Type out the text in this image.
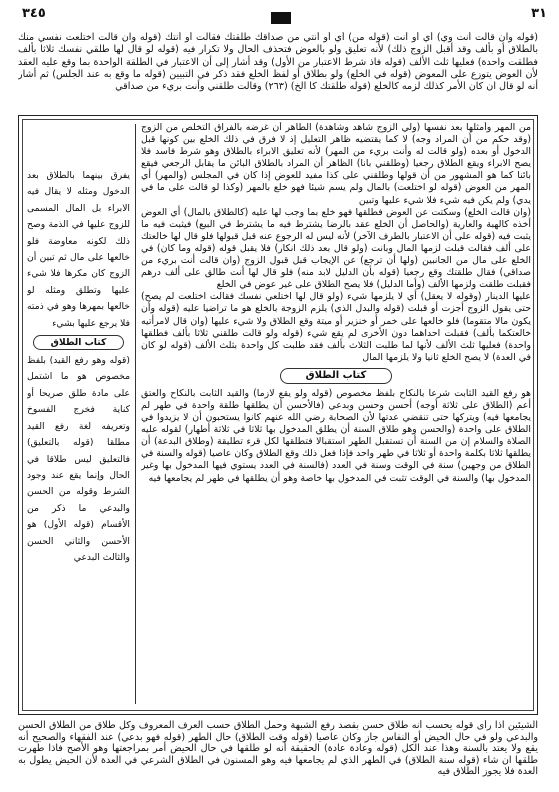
٣١
٣٤٥

(قوله وان قالت أنت وي) أي أو أنت (قوله من) أي أو أنتي من صداقك طلقتك فقالت أو أنتك (قوله وان قالت اختلعت نفسي منك بالطلاق أو بألف وقد أقبل الزوج ذلك) لأنه تعليق ولو بالعوض فتحذف الحال ولا تكرار فيه (قوله لو قال لها طلقي نفسك ثلاثا بألف فطلقت واحدة) فعليها ثلث الألف (قوله فاذ شرط الاعتبار من الأول) وقد أشار إلى أن الاعتبار في الطلقة الواحدة بما وقع عليه العقد لأن العوض يتوزع على المعوض (قوله في الخلع) ولو بطلاق أو لفظ الخلع فقد ذكر في التبيين (قوله ما وقع به عند الجلس) ثم أشار أنه لو قال ان كان الأمر كذلك لزمه كالخلع (قوله طلقتك كا الخ) (٢٦٣) وقالت طلقني وأنت بريء من صداقي

من المهر وأمثلها بعد نفسها (ولي الزوج شاهد وشاهدة) الطاهر أن غرضه بالفراق التخلص من الزوج (وقد حكم من أن المراد وجه) لا كما يقتضيه ظاهر التعليل إذ لا فرق في ذلك الخلع بين كونها قبل الدخول أو بعده (ولو قالت له وأنت بريء من المهر) لأنه تعليق الابراء بالطلاق وهو شرط فاسد فلا يصح الابراء ويقع الطلاق رجعيا (وطلقني بانا) الظاهر أن المراد بالطلاق البائن ما يقابل الرجعي فيقع بائنا كما هو المشهور من أن قولها وطلقني على كذا مفيد للعوض إذا كان في المجلس (والمهر) أي المهر من العوض (قوله لو اختلعت) بالمال ولم يسم شيئا فهو خلع بالمهر (وكذا لو قالت على ما في يدي) ولم يكن فيه شيء فلا شيء عليها وتبين

(وان قالت الخلع) وسكتت عن العوض فطلقها فهو خلع بما وجب لها عليه (كالطلاق بالمال) أي العوض أخذه كالهبة والعارية (والحاصل أن الخلع عقد بالرضا يشترط فيه ما يشترط في البيع) فيثبت فيه ما يثبت فيه (قوله على أن الاعتبار بالطرف الآخر) لأنه ليس له الرجوع عنه قبل قبولها فلو قال لها خالعتك على ألف فقالت قبلت لزمها المال وبانت (ولو قال بعد ذلك انكار) فلا يقبل قوله (قوله وما كان) في الخلع على مال من الجانبين (ولها أن ترجع) عن الإيجاب قبل قبول الزوج (وان قالت أنت بريء من صداقي) فقال طلقتك وقع رجعيا (قوله بأن الدليل لابد منه) فلو قال لها أنت طالق على ألف درهم فقبلت طلقت ولزمها الألف (وأما الدليل) فلا يصح الطلاق على غير عوض في الخلع

عليها الدينار (وقوله لا يعقل) أي لا يلزمها شيء (ولو قال لها اختلعي نفسك فقالت اختلعت لم يصح) حتى يقول الزوج أجزت أو قبلت (قوله والبدل الذي) يلزم الزوجة بالخلع هو ما تراضيا عليه (قوله وأن يكون مالا متقوما) فلو خالعها على خمر أو خنزير أو ميتة وقع الطلاق ولا شيء عليها (وان قال لامرأتيه خالعتكما بألف) فقبلت احداهما دون الأخرى لم يقع شيء (قوله ولو قالت طلقني ثلاثا بألف فطلقها واحدة) فعليها ثلث الألف لأنها لما طلبت الثلاث بألف فقد طلبت كل واحدة بثلث الألف (قوله لو كان في العدة) لا يصح الخلع ثانيا ولا يلزمها المال

كتاب الطلاق

هو رفع القيد الثابت شرعا بالنكاح بلفظ مخصوص (قوله ولو يقع لازما) والقيد الثابت بالنكاح والعتق أعم (الطلاق على ثلاثة أوجه) أحسن وحسن وبدعي (فالأحسن أن يطلقها طلقة واحدة في طهر لم يجامعها فيه) ويتركها حتى تنقضي عدتها لأن الصحابة رضي الله عنهم كانوا يستحبون أن لا يزيدوا في الطلاق على واحدة (والحسن وهو طلاق السنة أن يطلق المدخول بها ثلاثا في ثلاثة أطهار) لقوله عليه الصلاة والسلام إن من السنة أن تستقبل الطهر استقبالا فتطلقها لكل قرء تطليقة (وطلاق البدعة) أن يطلقها ثلاثا بكلمة واحدة أو ثلاثا في طهر واحد فإذا فعل ذلك وقع الطلاق وكان عاصيا (قوله والسنة في الطلاق من وجهين) سنة في الوقت وسنة في العدد (فالسنة في العدد يستوي فيها المدخول بها وغير المدخول بها) والسنة في الوقت تثبت في المدخول بها خاصة وهو أن يطلقها في طهر لم يجامعها فيه

يفرق بينهما بالطلاق بعد الدخول ومثله لا يقال فيه الابراء بل المال المسمى للزوج عليها في الذمة وصح ذلك لكونه معاوضة فلو خالعها على مال ثم تبين أن الزوج كان مكرها فلا شيء عليها وتطلق ومثله لو خالعها بمهرها وهو في ذمته فلا يرجع عليها بشيء

كتاب الطلاق

(قوله وهو رفع القيد) بلفظ مخصوص هو ما اشتمل على مادة طلق صريحا أو كناية فخرج الفسوخ وتعريفه لغة رفع القيد مطلقا (قوله بالتعليق) فالتعليق ليس طلاقا في الحال وإنما يقع عند وجود الشرط وقوله من الحسن والبدعي ما ذكر من الأقسام (قوله الأول) هو الأحسن والثاني الحسن والثالث البدعي

الشيئين اذا رأى قوله يحسب أنه طلاق حسن بقصد رفع الشبهة وحمل الطلاق حسب العرف المعروف وكل طلاق من الطلاق الحسن والبدعي ولو في حال الحيض أو النفاس جاز وكان عاصيا (قوله وقت الطلاق) حال الطهر (قوله فهو بدعي) عند الفقهاء والصحيح أنه يقع ولا يعتد بالسنة وهذا عند الكل (قوله وعادة عادة) الحقيقة أنه لو طلقها في حال الحيض أمر بمراجعتها وهو الأصح فاذا طهرت طلقها ان شاء (قوله سنة الطلاق) في الطهر الذي لم يجامعها فيه وهو المسنون في الطلاق الشرعي في العدة لأن الحيض يطول به العدة فلا يجوز الطلاق فيه
